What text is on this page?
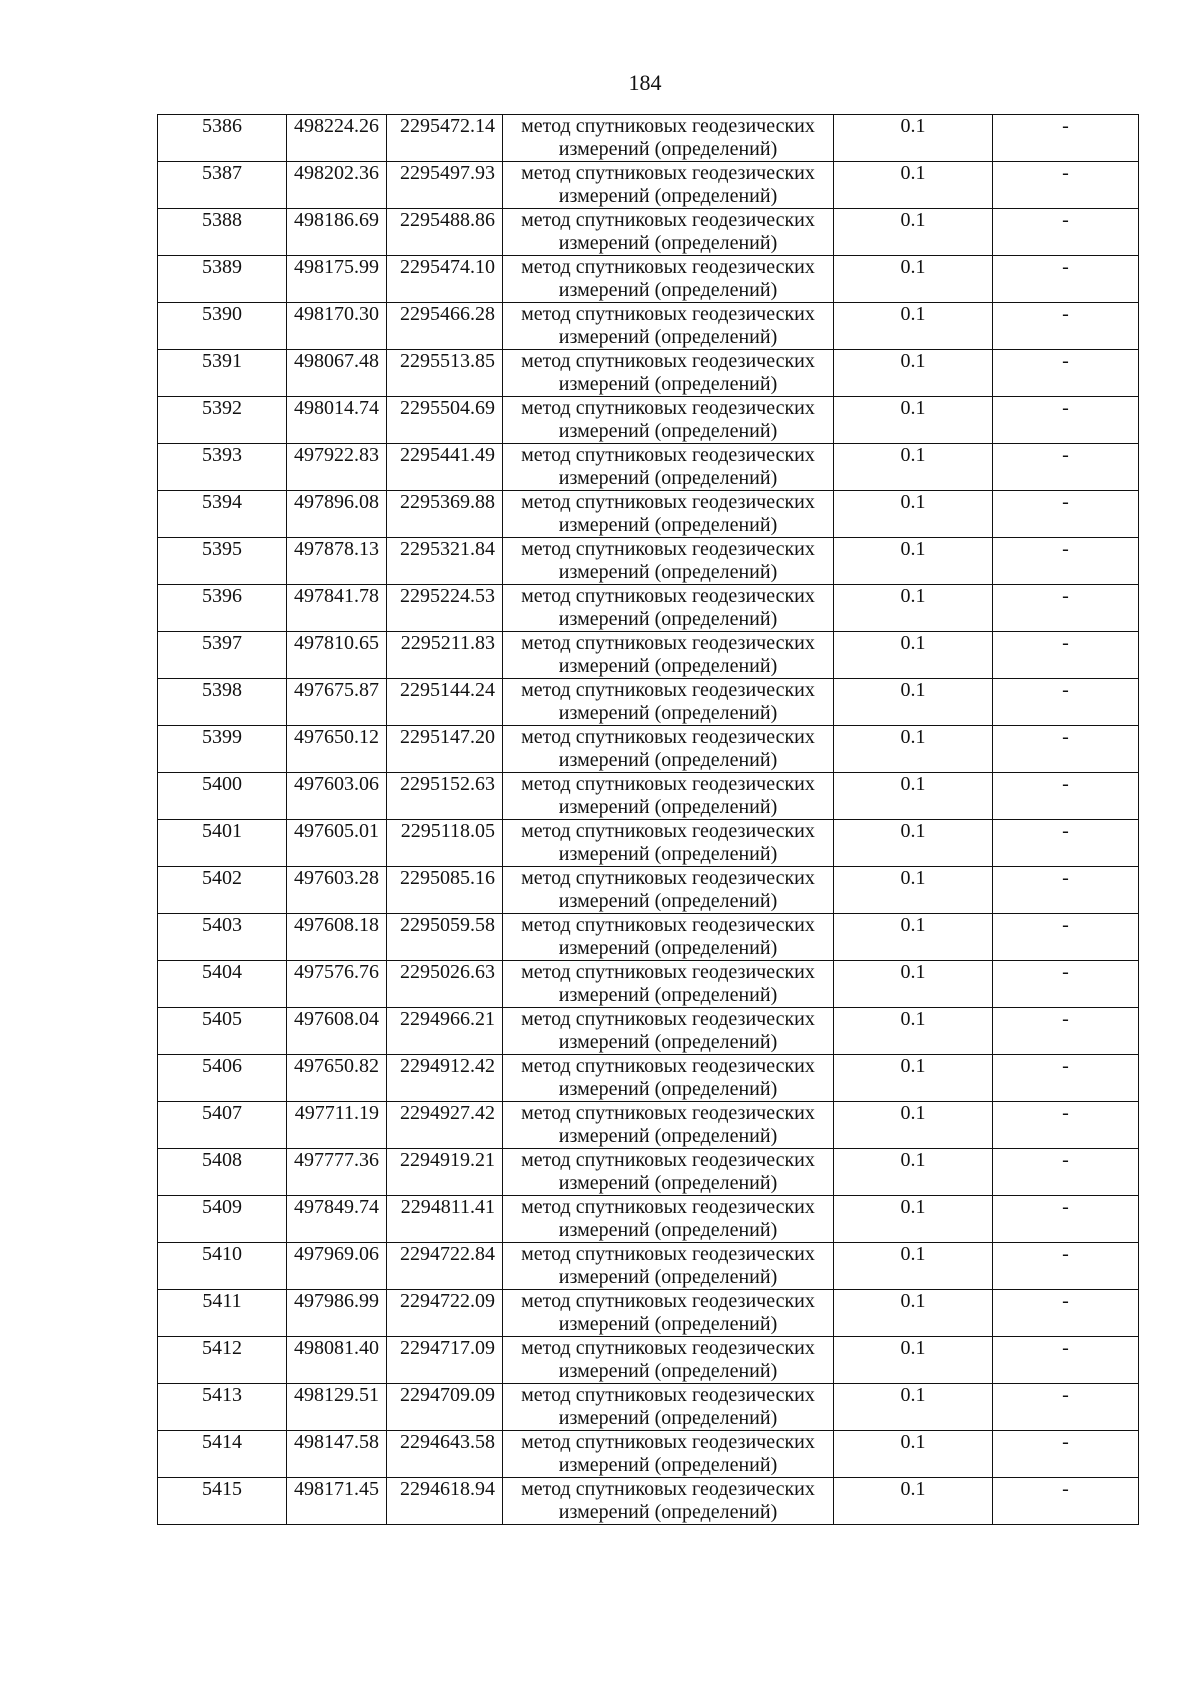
184
5386	498224.26	2295472.14	метод спутниковых геодезических
измерений (определений)	0.1	-
5387	498202.36	2295497.93	метод спутниковых геодезических
измерений (определений)	0.1	-
5388	498186.69	2295488.86	метод спутниковых геодезических
измерений (определений)	0.1	-
5389	498175.99	2295474.10	метод спутниковых геодезических
измерений (определений)	0.1	-
5390	498170.30	2295466.28	метод спутниковых геодезических
измерений (определений)	0.1	-
5391	498067.48	2295513.85	метод спутниковых геодезических
измерений (определений)	0.1	-
5392	498014.74	2295504.69	метод спутниковых геодезических
измерений (определений)	0.1	-
5393	497922.83	2295441.49	метод спутниковых геодезических
измерений (определений)	0.1	-
5394	497896.08	2295369.88	метод спутниковых геодезических
измерений (определений)	0.1	-
5395	497878.13	2295321.84	метод спутниковых геодезических
измерений (определений)	0.1	-
5396	497841.78	2295224.53	метод спутниковых геодезических
измерений (определений)	0.1	-
5397	497810.65	2295211.83	метод спутниковых геодезических
измерений (определений)	0.1	-
5398	497675.87	2295144.24	метод спутниковых геодезических
измерений (определений)	0.1	-
5399	497650.12	2295147.20	метод спутниковых геодезических
измерений (определений)	0.1	-
5400	497603.06	2295152.63	метод спутниковых геодезических
измерений (определений)	0.1	-
5401	497605.01	2295118.05	метод спутниковых геодезических
измерений (определений)	0.1	-
5402	497603.28	2295085.16	метод спутниковых геодезических
измерений (определений)	0.1	-
5403	497608.18	2295059.58	метод спутниковых геодезических
измерений (определений)	0.1	-
5404	497576.76	2295026.63	метод спутниковых геодезических
измерений (определений)	0.1	-
5405	497608.04	2294966.21	метод спутниковых геодезических
измерений (определений)	0.1	-
5406	497650.82	2294912.42	метод спутниковых геодезических
измерений (определений)	0.1	-
5407	497711.19	2294927.42	метод спутниковых геодезических
измерений (определений)	0.1	-
5408	497777.36	2294919.21	метод спутниковых геодезических
измерений (определений)	0.1	-
5409	497849.74	2294811.41	метод спутниковых геодезических
измерений (определений)	0.1	-
5410	497969.06	2294722.84	метод спутниковых геодезических
измерений (определений)	0.1	-
5411	497986.99	2294722.09	метод спутниковых геодезических
измерений (определений)	0.1	-
5412	498081.40	2294717.09	метод спутниковых геодезических
измерений (определений)	0.1	-
5413	498129.51	2294709.09	метод спутниковых геодезических
измерений (определений)	0.1	-
5414	498147.58	2294643.58	метод спутниковых геодезических
измерений (определений)	0.1	-
5415	498171.45	2294618.94	метод спутниковых геодезических
измерений (определений)	0.1	-
